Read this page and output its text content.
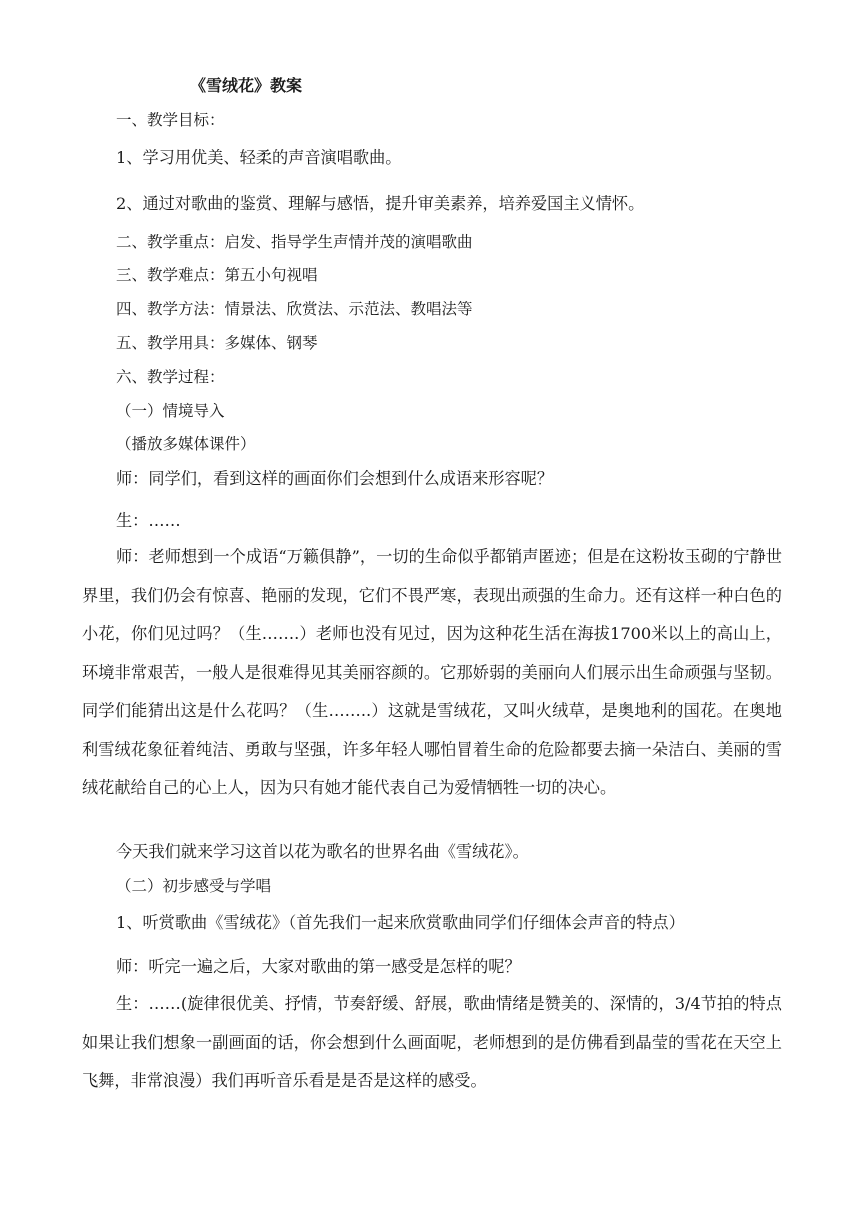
《雪绒花》教案
一、教学目标：
1、学习用优美、轻柔的声音演唱歌曲。
2、通过对歌曲的鉴赏、理解与感悟，提升审美素养，培养爱国主义情怀。
二、教学重点：启发、指导学生声情并茂的演唱歌曲
三、教学难点：第五小句视唱
四、教学方法：情景法、欣赏法、示范法、教唱法等
五、教学用具：多媒体、钢琴
六、教学过程：
（一）情境导入
（播放多媒体课件）
师：同学们，看到这样的画面你们会想到什么成语来形容呢？
生：……
师：老师想到一个成语“万籁俱静”，一切的生命似乎都销声匿迹；但是在这粉妆玉砌的宁静世界里，我们仍会有惊喜、艳丽的发现，它们不畏严寒，表现出顽强的生命力。还有这样一种白色的小花，你们见过吗？（生…….）老师也没有见过，因为这种花生活在海拔1700米以上的高山上，环境非常艰苦，一般人是很难得见其美丽容颜的。它那娇弱的美丽向人们展示出生命顽强与坚韧。同学们能猜出这是什么花吗？（生……..）这就是雪绒花，又叫火绒草，是奥地利的国花。在奥地利雪绒花象征着纯洁、勇敢与坚强，许多年轻人哪怕冒着生命的危险都要去摘一朵洁白、美丽的雪绒花献给自己的心上人，因为只有她才能代表自己为爱情牺牲一切的决心。
今天我们就来学习这首以花为歌名的世界名曲《雪绒花》。
（二）初步感受与学唱
1、听赏歌曲《雪绒花》（首先我们一起来欣赏歌曲同学们仔细体会声音的特点）
师：听完一遍之后，大家对歌曲的第一感受是怎样的呢？
生：……(旋律很优美、抒情，节奏舒缓、舒展，歌曲情绪是赞美的、深情的，3/4节拍的特点如果让我们想象一副画面的话，你会想到什么画面呢，老师想到的是仿佛看到晶莹的雪花在天空上飞舞，非常浪漫）我们再听音乐看是是否是这样的感受。
